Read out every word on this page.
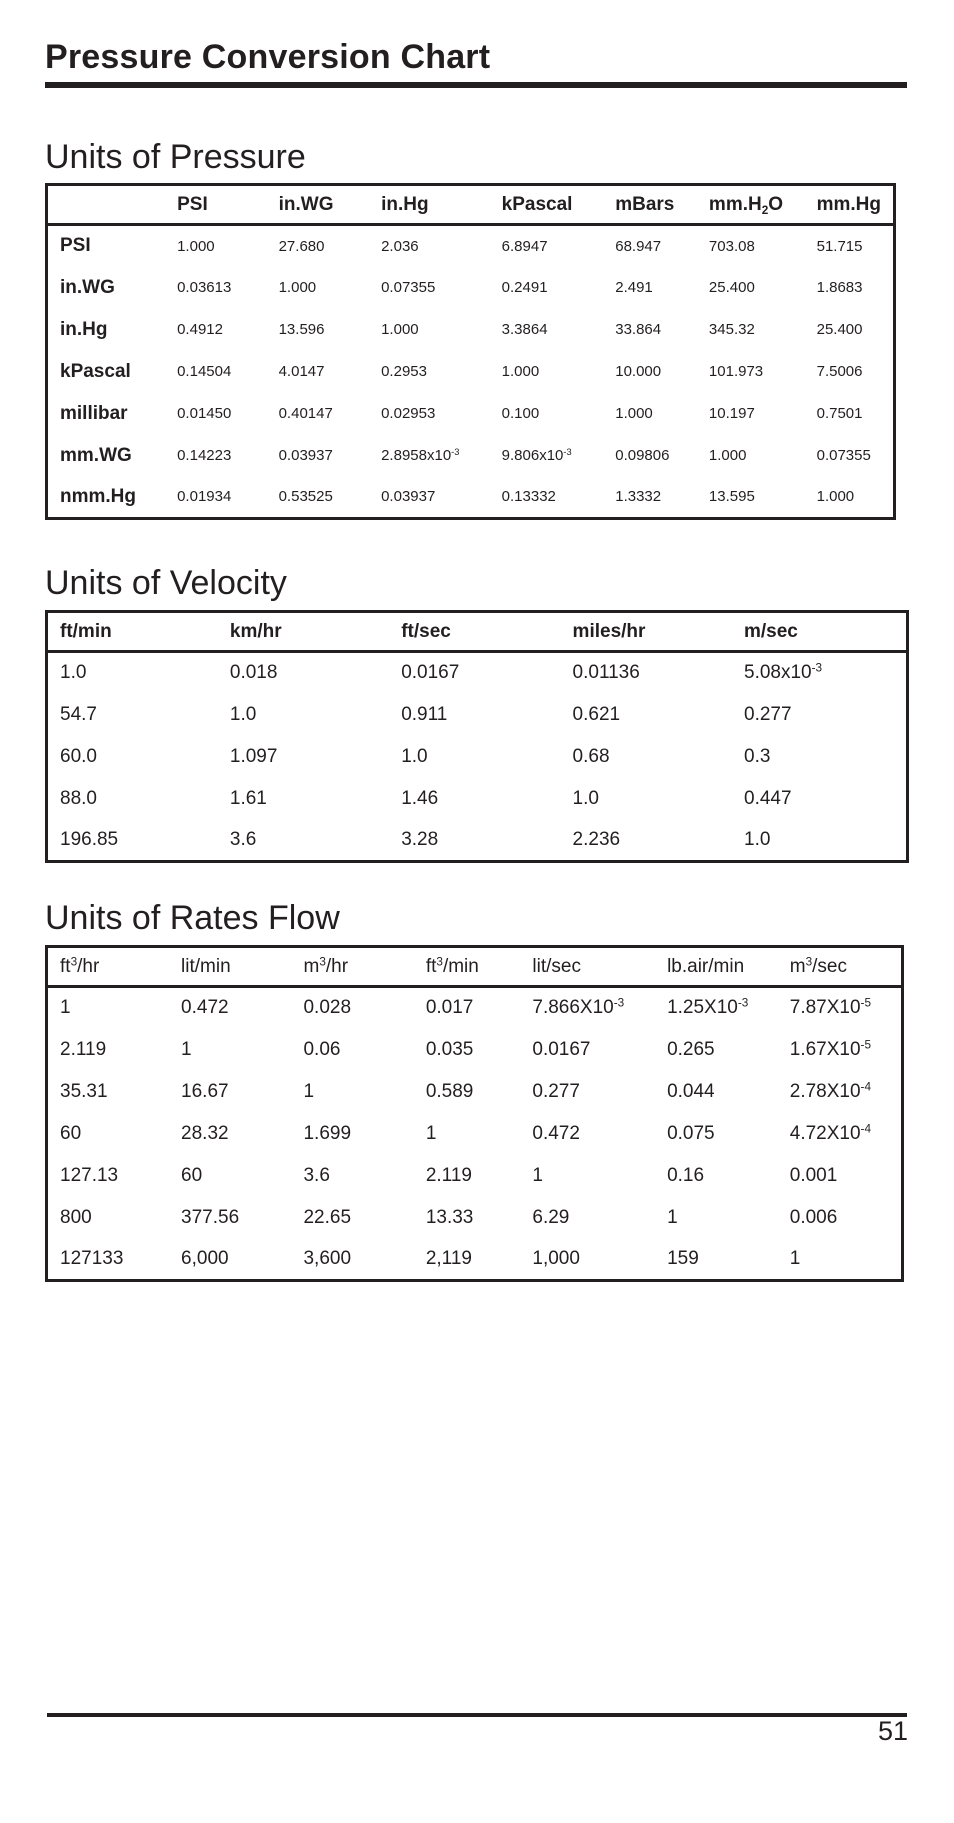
Pressure Conversion Chart
Units of Pressure
	PSI	in.WG	in.Hg	kPascal	mBars	$mm.H_2O$	mm.Hg
PSI	1.000	27.680	2.036	6.8947	68.947	703.08	51.715
in.WG	0.03613	1.000	0.07355	0.2491	2.491	25.400	1.8683
in.Hg	0.4912	13.596	1.000	3.3864	33.864	345.32	25.400
kPascal	0.14504	4.0147	0.2953	1.000	10.000	101.973	7.5006
millibar	0.01450	0.40147	0.02953	0.100	1.000	10.197	0.7501
mm.WG	0.14223	0.03937	$2.8958x10^{-3}$	$9.806x10^{-3}$	0.09806	1.000	0.07355
nmm.Hg	0.01934	0.53525	0.03937	0.13332	1.3332	13.595	1.000
Units of Velocity
ft/min	km/hr	ft/sec	miles/hr	m/sec
1.0	0.018	0.0167	0.01136	$5.08x10^{-3}$
54.7	1.0	0.911	0.621	0.277
60.0	1.097	1.0	0.68	0.3
88.0	1.61	1.46	1.0	0.447
196.85	3.6	3.28	2.236	1.0
Units of Rates Flow
$ft^3/hr$	lit/min	$m^3/hr$	$ft^3/\min$	lit/sec	lb.air/min	$m^3/\sec$
1	0.472	0.028	0.017	$7.866X10^{-3}$	$1.25X10^{-3}$	$7.87X10^{-5}$
2.119	1	0.06	0.035	0.0167	0.265	$1.67X10^{-5}$
35.31	16.67	1	0.589	0.277	0.044	$2.78X10^{-4}$
60	28.32	1.699	1	0.472	0.075	$4.72X10^{-4}$
127.13	60	3.6	2.119	1	0.16	0.001
800	377.56	22.65	13.33	6.29	1	0.006
127133	6,000	3,600	2,119	1,000	159	1
51
